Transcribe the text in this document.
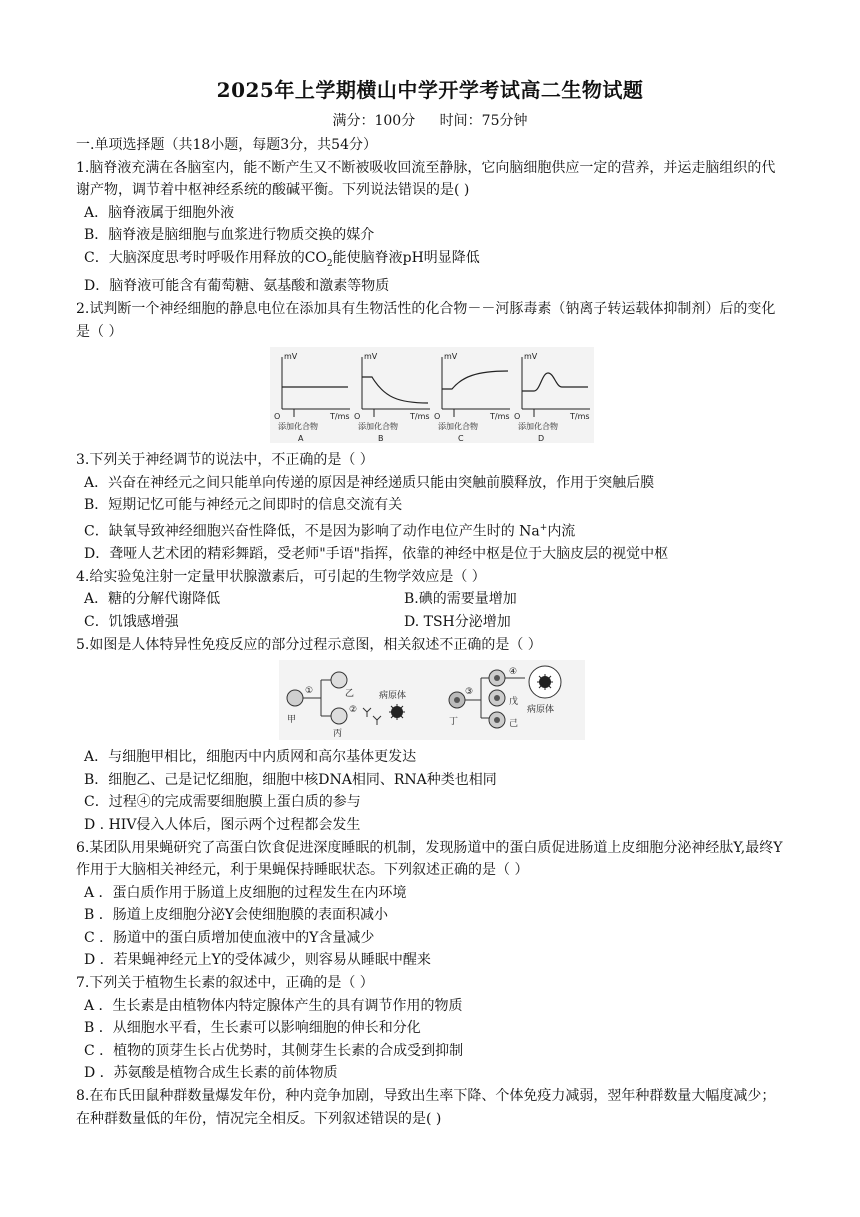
2025年上学期横山中学开学考试高二生物试题
满分：100分 时间：75分钟

一.单项选择题（共18小题，每题3分，共54分）

1.脑脊液充满在各脑室内，能不断产生又不断被吸收回流至静脉，它向脑细胞供应一定的营养，并运走脑组织的代谢产物，调节着中枢神经系统的酸碱平衡。下列说法错误的是( )

A．脑脊液属于细胞外液

B．脑脊液是脑细胞与血浆进行物质交换的媒介

C．大脑深度思考时呼吸作用释放的$CO_2$能使脑脊液pH明显降低

D．脑脊液可能含有葡萄糖、氨基酸和激素等物质

2.试判断一个神经细胞的静息电位在添加具有生物活性的化合物－－河豚毒素（钠离子转运载体抑制剂）后的变化是（ ）

mV
T/ms
O
添加化合物
A
mV
T/ms
O
添加化合物
B
mV
T/ms
O
添加化合物
C
mV
T/ms
O
添加化合物
D

3.下列关于神经调节的说法中，不正确的是（ ）

A．兴奋在神经元之间只能单向传递的原因是神经递质只能由突触前膜释放，作用于突触后膜

B．短期记忆可能与神经元之间即时的信息交流有关

C．缺氧导致神经细胞兴奋性降低，不是因为影响了动作电位产生时的 Na+内流

D．聋哑人艺术团的精彩舞蹈，受老师"手语"指挥，依靠的神经中枢是位于大脑皮层的视觉中枢

4.给实验兔注射一定量甲状腺激素后，可引起的生物学效应是（ ）

A．糖的分解代谢降低	B.碘的需要量增加
C．饥饿感增强	D. TSH分泌增加

5.如图是人体特异性免疫反应的部分过程示意图，相关叙述不正确的是（ ）

甲
①	乙
丙
②
病原体
丁
③
戊
己
④
病原体

A．与细胞甲相比，细胞丙中内质网和高尔基体更发达

B．细胞乙、己是记忆细胞，细胞中核DNA相同、RNA种类也相同

C．过程④的完成需要细胞膜上蛋白质的参与

D . HIV侵入人体后，图示两个过程都会发生

6.某团队用果蝇研究了高蛋白饮食促进深度睡眠的机制，发现肠道中的蛋白质促进肠道上皮细胞分泌神经肽Y,最终Y作用于大脑相关神经元，利于果蝇保持睡眠状态。下列叙述正确的是（ ）

A ．蛋白质作用于肠道上皮细胞的过程发生在内环境

B ．肠道上皮细胞分泌Y会使细胞膜的表面积减小

C ．肠道中的蛋白质增加使血液中的Y含量减少

D ．若果蝇神经元上Y的受体减少，则容易从睡眠中醒来

7.下列关于植物生长素的叙述中，正确的是（ ）

A ．生长素是由植物体内特定腺体产生的具有调节作用的物质

B ．从细胞水平看，生长素可以影响细胞的伸长和分化

C ．植物的顶芽生长占优势时，其侧芽生长素的合成受到抑制

D ．苏氨酸是植物合成生长素的前体物质

8.在布氏田鼠种群数量爆发年份，种内竞争加剧，导致出生率下降、个体免疫力减弱，翌年种群数量大幅度减少；在种群数量低的年份，情况完全相反。下列叙述错误的是( )
